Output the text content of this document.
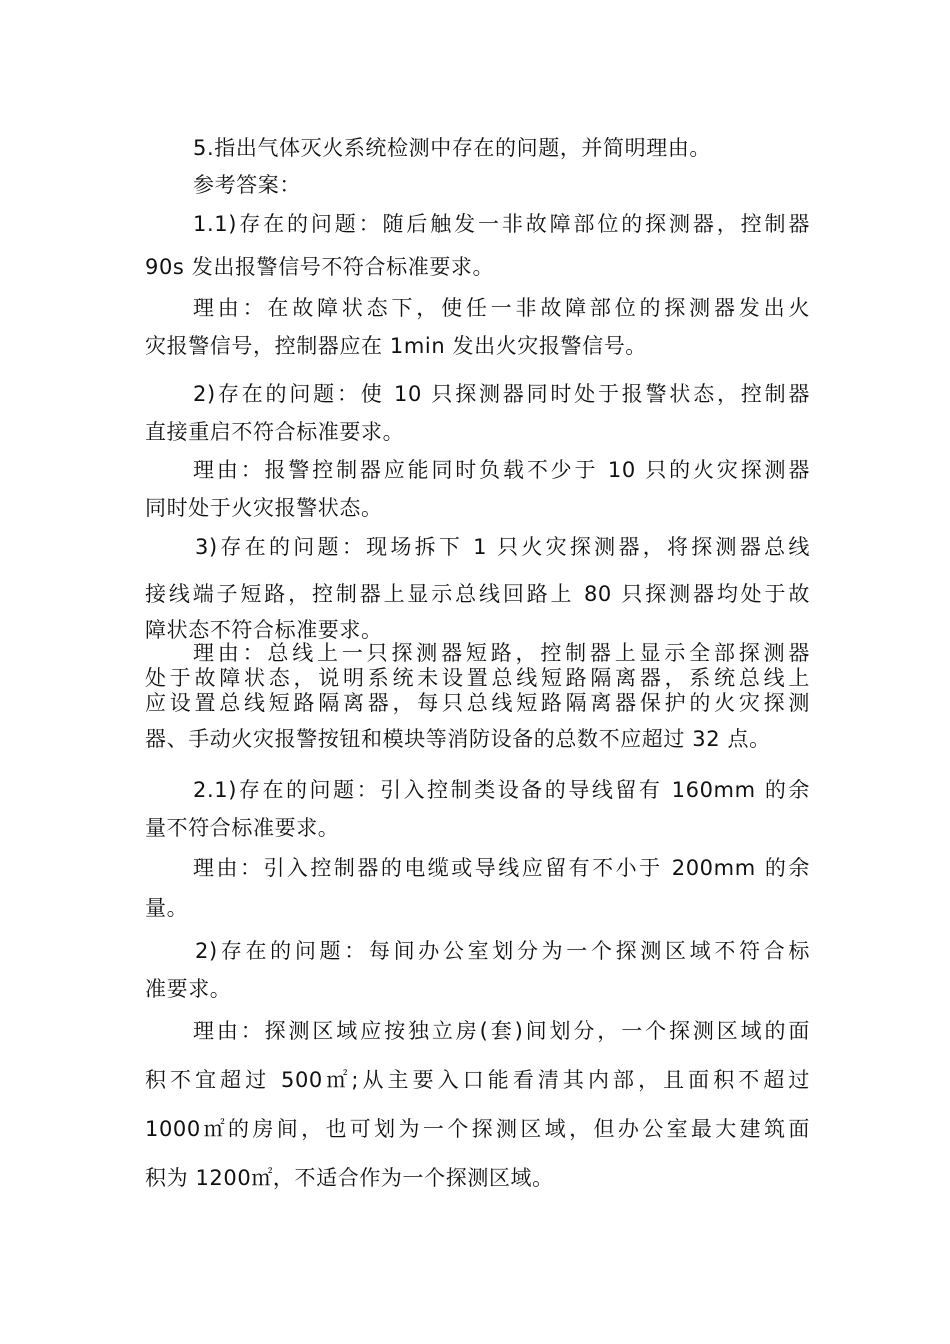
5.指出气体灭火系统检测中存在的问题，并简明理由。

参考答案：

1.1)存在的问题：随后触发一非故障部位的探测器，控制器

90s 发出报警信号不符合标准要求。

理由：在故障状态下，使任一非故障部位的探测器发出火

灾报警信号，控制器应在 1min 发出火灾报警信号。

2)存在的问题：使 10 只探测器同时处于报警状态，控制器

直接重启不符合标准要求。

理由：报警控制器应能同时负载不少于 10 只的火灾探测器

同时处于火灾报警状态。

3)存在的问题：现场拆下 1 只火灾探测器，将探测器总线

接线端子短路，控制器上显示总线回路上 80 只探测器均处于故

障状态不符合标准要求。

理由：总线上一只探测器短路，控制器上显示全部探测器

处于故障状态，说明系统未设置总线短路隔离器，系统总线上

应设置总线短路隔离器，每只总线短路隔离器保护的火灾探测

器、手动火灾报警按钮和模块等消防设备的总数不应超过 32 点。

2.1)存在的问题：引入控制类设备的导线留有 160mm 的余

量不符合标准要求。

理由：引入控制器的电缆或导线应留有不小于 200mm 的余

量。

2)存在的问题：每间办公室划分为一个探测区域不符合标

准要求。

理由：探测区域应按独立房(套)间划分，一个探测区域的面

积不宜超过 500㎡;从主要入口能看清其内部，且面积不超过

1000㎡的房间，也可划为一个探测区域，但办公室最大建筑面

积为 1200㎡，不适合作为一个探测区域。
